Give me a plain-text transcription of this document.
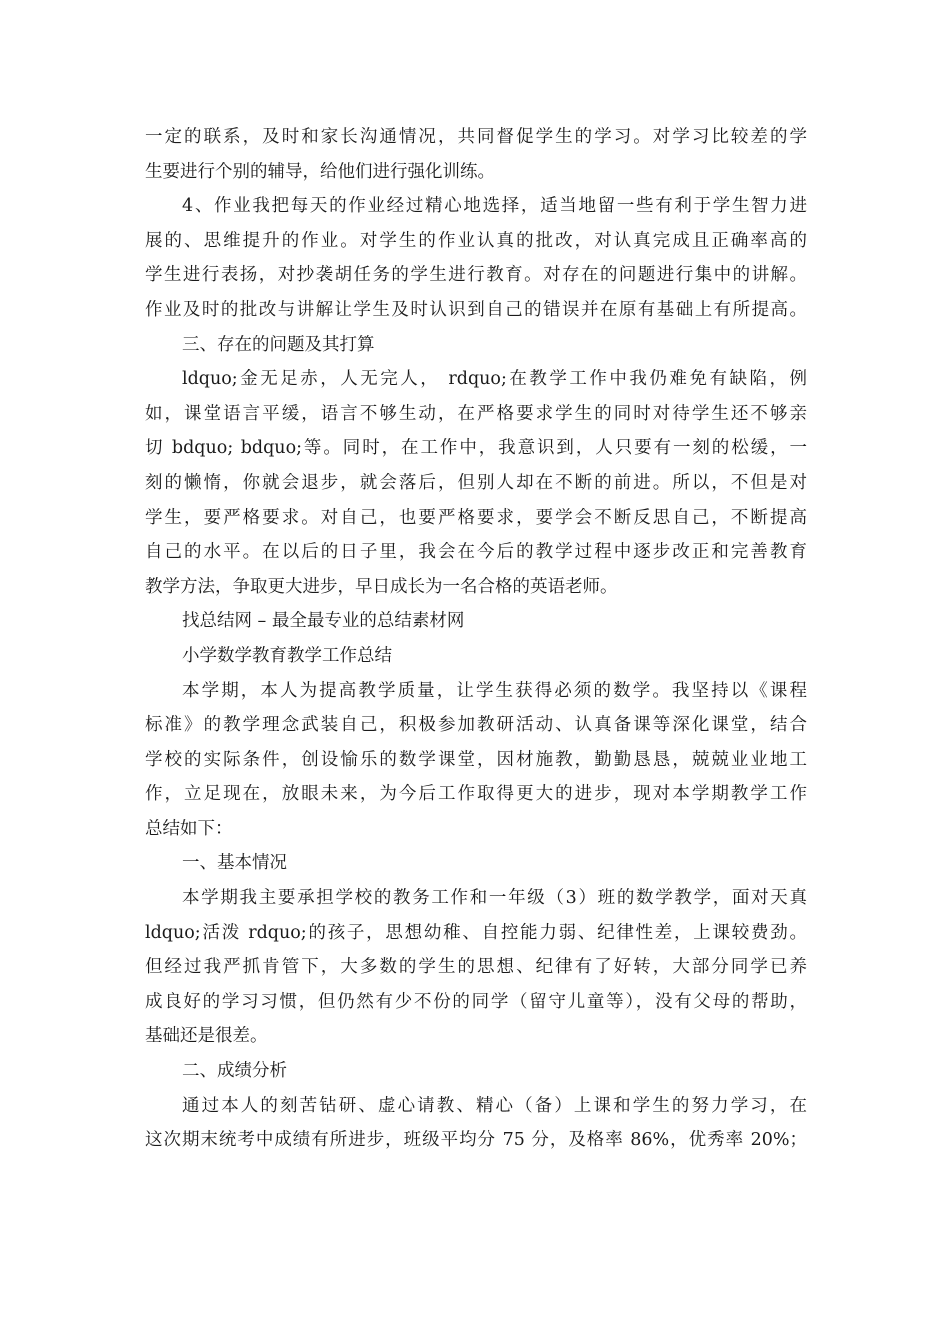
一定的联系，及时和家长沟通情况，共同督促学生的学习。对学习比较差的学
生要进行个别的辅导，给他们进行强化训练。
4、作业我把每天的作业经过精心地选择，适当地留一些有利于学生智力进
展的、思维提升的作业。对学生的作业认真的批改，对认真完成且正确率高的
学生进行表扬，对抄袭胡任务的学生进行教育。对存在的问题进行集中的讲解。
作业及时的批改与讲解让学生及时认识到自己的错误并在原有基础上有所提高。
三、存在的问题及其打算
ldquo;金无足赤，人无完人， rdquo;在教学工作中我仍难免有缺陷，例
如，课堂语言平缓，语言不够生动，在严格要求学生的同时对待学生还不够亲
切 bdquo; bdquo;等。同时，在工作中，我意识到，人只要有一刻的松缓，一
刻的懒惰，你就会退步，就会落后，但别人却在不断的前进。所以，不但是对
学生，要严格要求。对自己，也要严格要求，要学会不断反思自己，不断提高
自己的水平。在以后的日子里，我会在今后的教学过程中逐步改正和完善教育
教学方法，争取更大进步，早日成长为一名合格的英语老师。
找总结网 – 最全最专业的总结素材网
小学数学教育教学工作总结
本学期，本人为提高教学质量，让学生获得必须的数学。我坚持以《课程
标准》的教学理念武装自己，积极参加教研活动、认真备课等深化课堂，结合
学校的实际条件，创设愉乐的数学课堂，因材施教，勤勤恳恳，兢兢业业地工
作，立足现在，放眼未来，为今后工作取得更大的进步，现对本学期教学工作
总结如下：
一、基本情况
本学期我主要承担学校的教务工作和一年级（3）班的数学教学，面对天真
ldquo;活泼 rdquo;的孩子，思想幼稚、自控能力弱、纪律性差，上课较费劲。
但经过我严抓肯管下，大多数的学生的思想、纪律有了好转，大部分同学已养
成良好的学习习惯，但仍然有少不份的同学（留守儿童等），没有父母的帮助，
基础还是很差。
二、成绩分析
通过本人的刻苦钻研、虚心请教、精心（备）上课和学生的努力学习，在
这次期末统考中成绩有所进步，班级平均分 75 分，及格率 86%，优秀率 20%；
